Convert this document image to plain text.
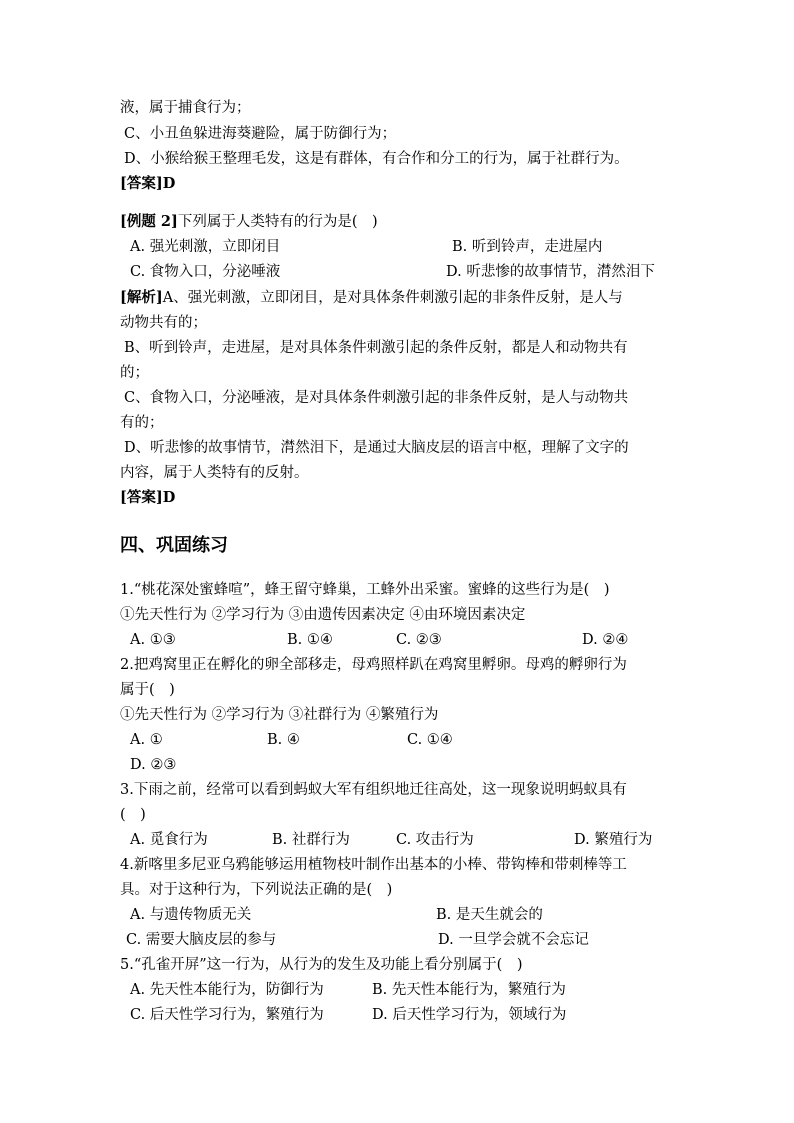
液，属于捕食行为；
C、小丑鱼躲进海葵避险，属于防御行为；
D、小猴给猴王整理毛发，这是有群体，有合作和分工的行为，属于社群行为。
[答案]D
[例题 2]下列属于人类特有的行为是(　)
A. 强光刺激，立即闭目	B. 听到铃声，走进屋内
C. 食物入口，分泌唾液	D. 听悲惨的故事情节，潸然泪下
[解析]A、强光刺激，立即闭目，是对具体条件刺激引起的非条件反射，是人与
动物共有的；
B、听到铃声，走进屋，是对具体条件刺激引起的条件反射，都是人和动物共有
的；
C、食物入口，分泌唾液，是对具体条件刺激引起的非条件反射，是人与动物共
有的；
D、听悲惨的故事情节，潸然泪下，是通过大脑皮层的语言中枢，理解了文字的
内容，属于人类特有的反射。
[答案]D
四、巩固练习
1.“桃花深处蜜蜂喧”，蜂王留守蜂巢，工蜂外出采蜜。蜜蜂的这些行为是(　)
①先天性行为 ②学习行为 ③由遗传因素决定 ④由环境因素决定
A. ①③	B. ①④	C. ②③	D. ②④
2.把鸡窝里正在孵化的卵全部移走，母鸡照样趴在鸡窝里孵卵。母鸡的孵卵行为
属于(　)
①先天性行为 ②学习行为 ③社群行为 ④繁殖行为
A. ①	B. ④	C. ①④
D. ②③
3.下雨之前，经常可以看到蚂蚁大军有组织地迁往高处，这一现象说明蚂蚁具有
(　)
A. 觅食行为	B. 社群行为	C. 攻击行为	D. 繁殖行为
4.新喀里多尼亚乌鸦能够运用植物枝叶制作出基本的小棒、带钩棒和带刺棒等工
具。对于这种行为，下列说法正确的是(　)
A. 与遗传物质无关	B. 是天生就会的
C. 需要大脑皮层的参与	D. 一旦学会就不会忘记
5.“孔雀开屏”这一行为，从行为的发生及功能上看分别属于(　)
A. 先天性本能行为，防御行为	B. 先天性本能行为，繁殖行为
C. 后天性学习行为，繁殖行为	D. 后天性学习行为，领域行为
